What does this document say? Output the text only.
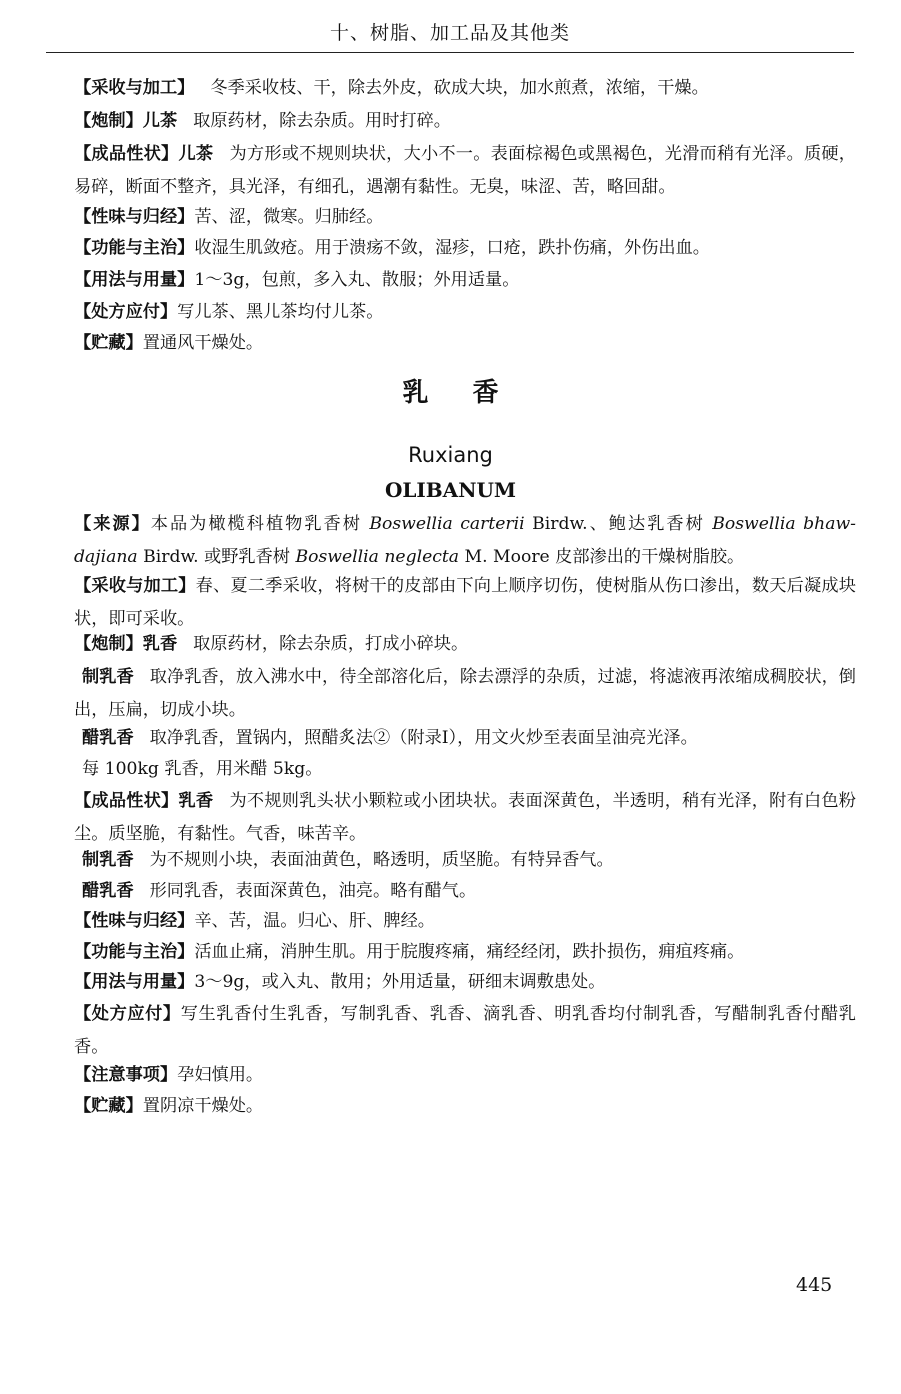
十、树脂、加工品及其他类
【采收与加工】 冬季采收枝、干，除去外皮，砍成大块，加水煎煮，浓缩，干燥。
【炮制】儿茶 取原药材，除去杂质。用时打碎。
【成品性状】儿茶 为方形或不规则块状，大小不一。表面棕褐色或黑褐色，光滑而稍有光泽。质硬，易碎，断面不整齐，具光泽，有细孔，遇潮有黏性。无臭，味涩、苦，略回甜。
【性味与归经】苦、涩，微寒。归肺经。
【功能与主治】收湿生肌敛疮。用于溃疡不敛，湿疹，口疮，跌扑伤痛，外伤出血。
【用法与用量】1～3g，包煎，多入丸、散服；外用适量。
【处方应付】写儿茶、黑儿茶均付儿茶。
【贮藏】置通风干燥处。
乳香
Ruxiang
OLIBANUM
【来源】本品为橄榄科植物乳香树 Boswellia carterii Birdw.、鲍达乳香树 Boswellia bhaw-dajiana Birdw. 或野乳香树 Boswellia neglecta M. Moore 皮部渗出的干燥树脂胶。
【采收与加工】春、夏二季采收，将树干的皮部由下向上顺序切伤，使树脂从伤口渗出，数天后凝成块状，即可采收。
【炮制】乳香 取原药材，除去杂质，打成小碎块。
制乳香 取净乳香，放入沸水中，待全部溶化后，除去漂浮的杂质，过滤，将滤液再浓缩成稠胶状，倒出，压扁，切成小块。
醋乳香 取净乳香，置锅内，照醋炙法②（附录Ⅰ），用文火炒至表面呈油亮光泽。
每 100kg 乳香，用米醋 5kg。
【成品性状】乳香 为不规则乳头状小颗粒或小团块状。表面深黄色，半透明，稍有光泽，附有白色粉尘。质坚脆，有黏性。气香，味苦辛。
制乳香 为不规则小块，表面油黄色，略透明，质坚脆。有特异香气。
醋乳香 形同乳香，表面深黄色，油亮。略有醋气。
【性味与归经】辛、苦，温。归心、肝、脾经。
【功能与主治】活血止痛，消肿生肌。用于脘腹疼痛，痛经经闭，跌扑损伤，痈疽疼痛。
【用法与用量】3～9g，或入丸、散用；外用适量，研细末调敷患处。
【处方应付】写生乳香付生乳香，写制乳香、乳香、滴乳香、明乳香均付制乳香，写醋制乳香付醋乳香。
【注意事项】孕妇慎用。
【贮藏】置阴凉干燥处。
445
